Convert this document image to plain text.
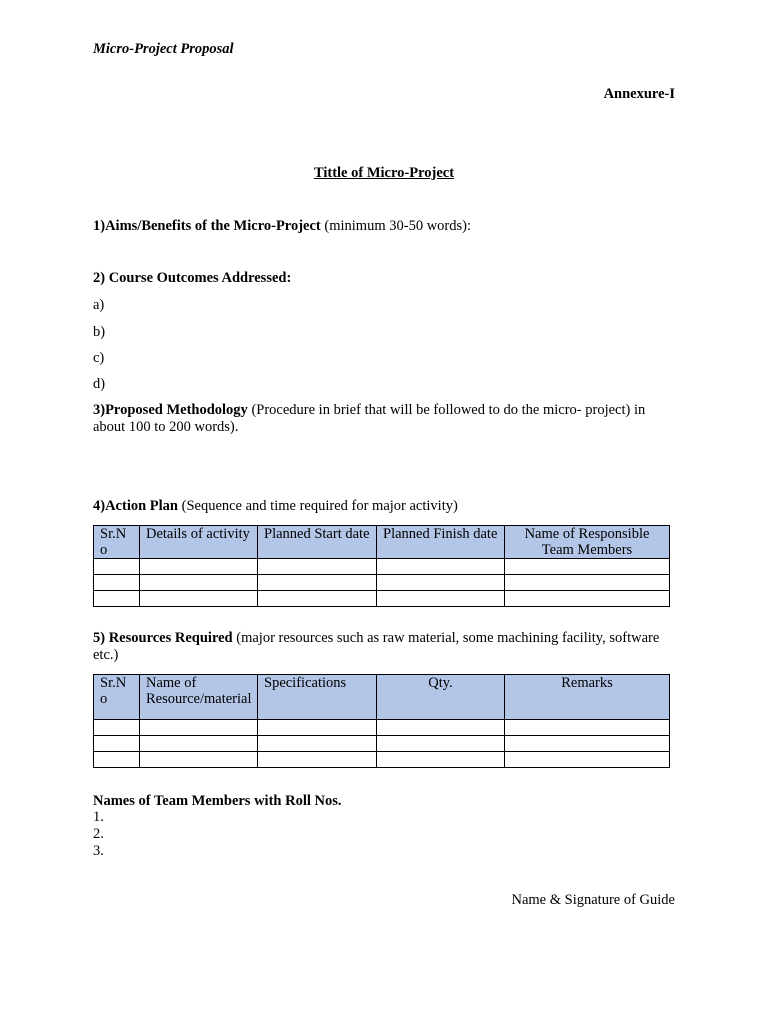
Micro-Project Proposal
Annexure-I
Tittle of Micro-Project
1)Aims/Benefits of the Micro-Project (minimum 30-50 words):
2) Course Outcomes Addressed:
a)
b)
c)
d)
3)Proposed Methodology (Procedure in brief that will be followed to do the micro- project) in about 100 to 200 words).
4)Action Plan (Sequence and time required for major activity)
Sr.No	Details of activity	Planned Start date	Planned Finish date	Name of Responsible Team Members

5) Resources Required (major resources such as raw material, some machining facility, software etc.)
Sr.No	Name of Resource/material	Specifications	Qty.	Remarks

Names of Team Members with Roll Nos.
1.
2.
3.
Name & Signature of Guide
